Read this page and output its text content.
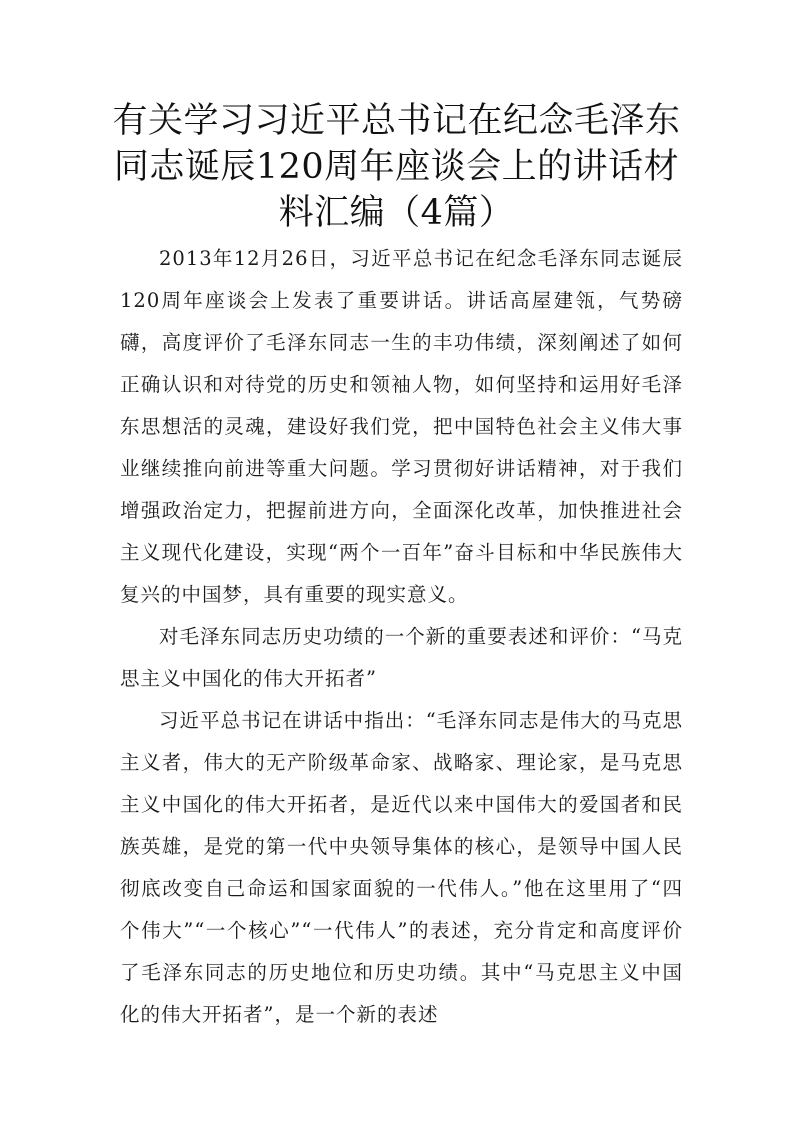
有关学习习近平总书记在纪念毛泽东同志诞辰120周年座谈会上的讲话材料汇编（4篇）

2013年12月26日，习近平总书记在纪念毛泽东同志诞辰120周年座谈会上发表了重要讲话。讲话高屋建瓴，气势磅礴，高度评价了毛泽东同志一生的丰功伟绩，深刻阐述了如何正确认识和对待党的历史和领袖人物，如何坚持和运用好毛泽东思想活的灵魂，建设好我们党，把中国特色社会主义伟大事业继续推向前进等重大问题。学习贯彻好讲话精神，对于我们增强政治定力，把握前进方向，全面深化改革，加快推进社会主义现代化建设，实现“两个一百年”奋斗目标和中华民族伟大复兴的中国梦，具有重要的现实意义。

对毛泽东同志历史功绩的一个新的重要表述和评价：“马克思主义中国化的伟大开拓者”

习近平总书记在讲话中指出：“毛泽东同志是伟大的马克思主义者，伟大的无产阶级革命家、战略家、理论家，是马克思主义中国化的伟大开拓者，是近代以来中国伟大的爱国者和民族英雄，是党的第一代中央领导集体的核心，是领导中国人民彻底改变自己命运和国家面貌的一代伟人。”他在这里用了“四个伟大”“一个核心”“一代伟人”的表述，充分肯定和高度评价了毛泽东同志的历史地位和历史功绩。其中“马克思主义中国化的伟大开拓者”，是一个新的表述
